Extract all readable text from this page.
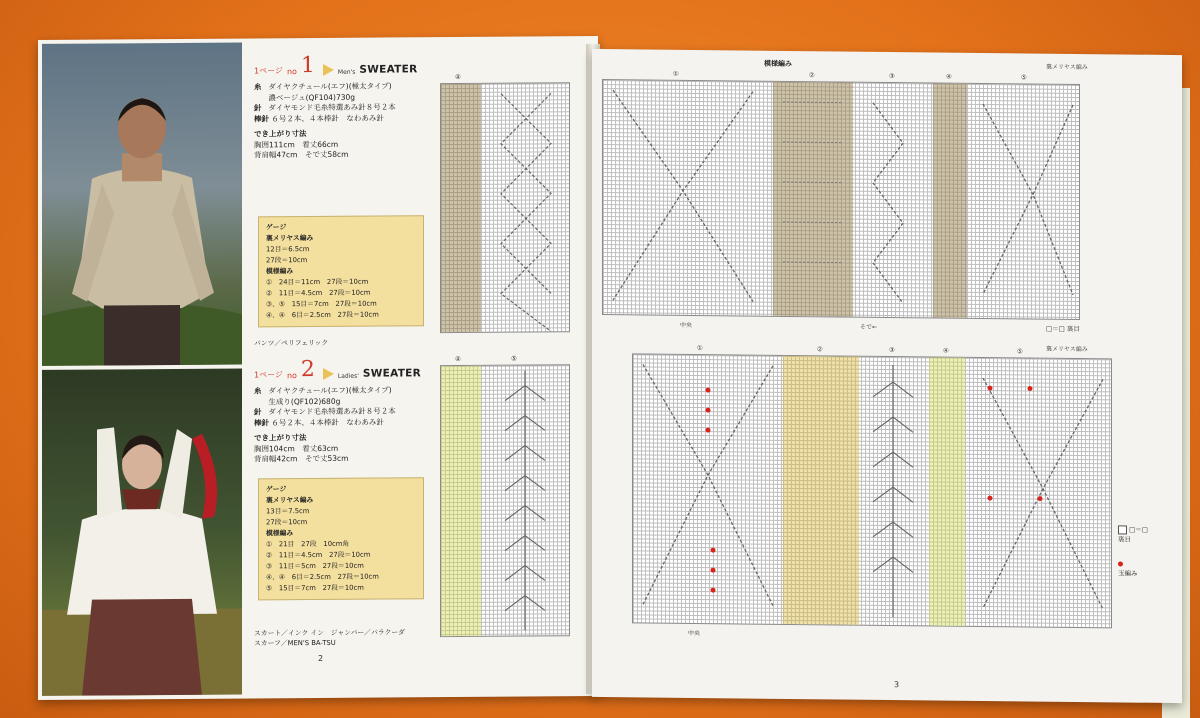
1ページ no 1	Men's SWEATER
糸 ダイヤクチュール(エフ)(極太タイプ)
濃ベージュ(QF104)730g
針 ダイヤモンド毛糸特選あみ針８号２本
棒針 ６号２本、４本棒針　なわあみ針
でき上がり寸法
胸囲111cm　着丈66cm
背肩幅47cm　そで丈58cm
ゲージ
裏メリヤス編み
12目＝6.5cm
27段＝10cm
模様編み
①　24目＝11cm　27段＝10cm
②　11目＝4.5cm　27段＝10cm
③、⑤　15目＝7cm　27段＝10cm
④、④　6目＝2.5cm　27段＝10cm
パンツ／ペリフェリック
1ページ no 2	Ladies' SWEATER
糸 ダイヤクチュール(エフ)(極太タイプ)
生成り(QF102)680g
針 ダイヤモンド毛糸特選あみ針８号２本
棒針 ６号２本、４本棒針　なわあみ針
でき上がり寸法
胸囲104cm　着丈63cm
背肩幅42cm　そで丈53cm
ゲージ
裏メリヤス編み
13目＝7.5cm
27段＝10cm
模様編み
①　21目　27段　10cm角
②　11目＝4.5cm　27段＝10cm
③　11目＝5cm　27段＝10cm
④、④　6目＝2.5cm　27段＝10cm
⑤　15目＝7cm　27段＝10cm
スカート／インク イン　ジャンパー／パラクーダ
スカーフ／MEN'S BA-TSU
2
④
④	⑤
模様編み	裏メリヤス編み
①	②	③	④	⑤
中央	そで←	□＝□ 裏目
裏メリヤス編み
①	②	③	④	⑤
中央
□＝□
裏目
玉編み
3
